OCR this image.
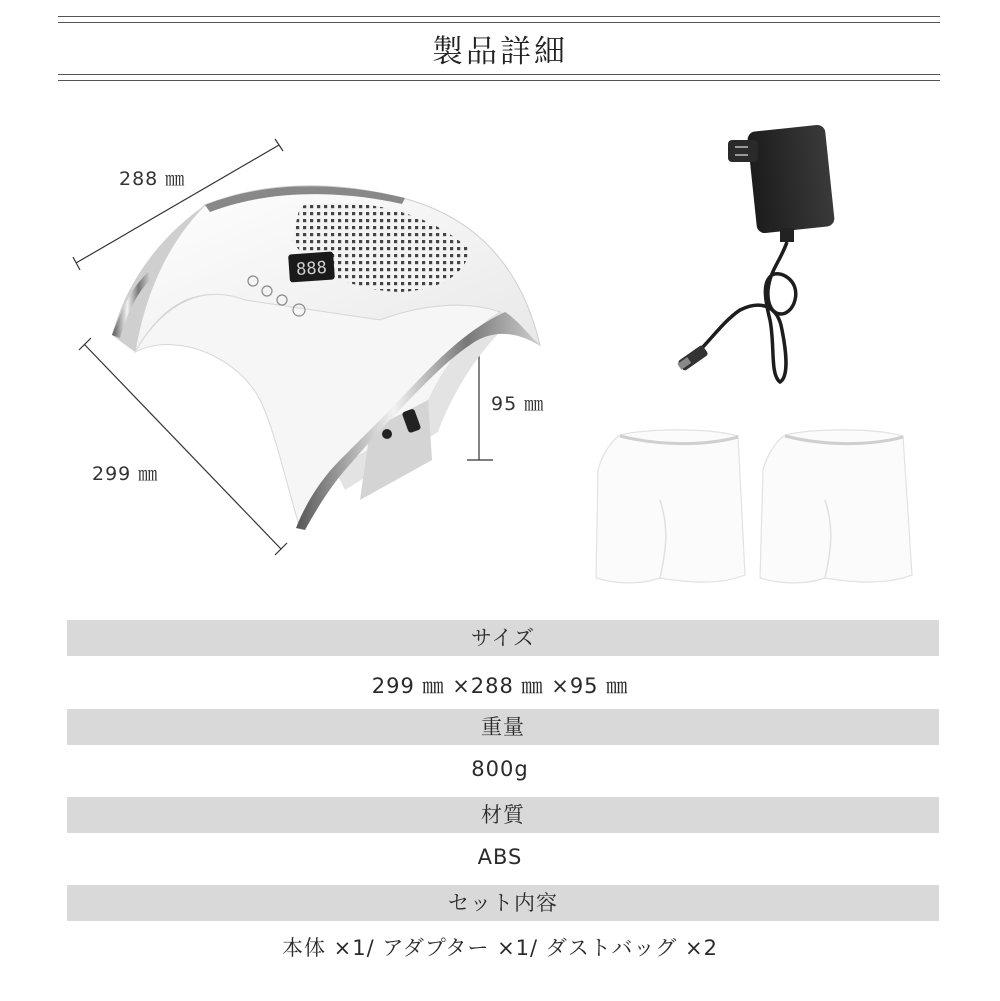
製品詳細
888
288 ㎜
299 ㎜
95 ㎜
サイズ
299 ㎜ ×288 ㎜ ×95 ㎜
重量
800g
材質
ABS
セット内容
本体 ×1/ アダプター ×1/ ダストバッグ ×2
